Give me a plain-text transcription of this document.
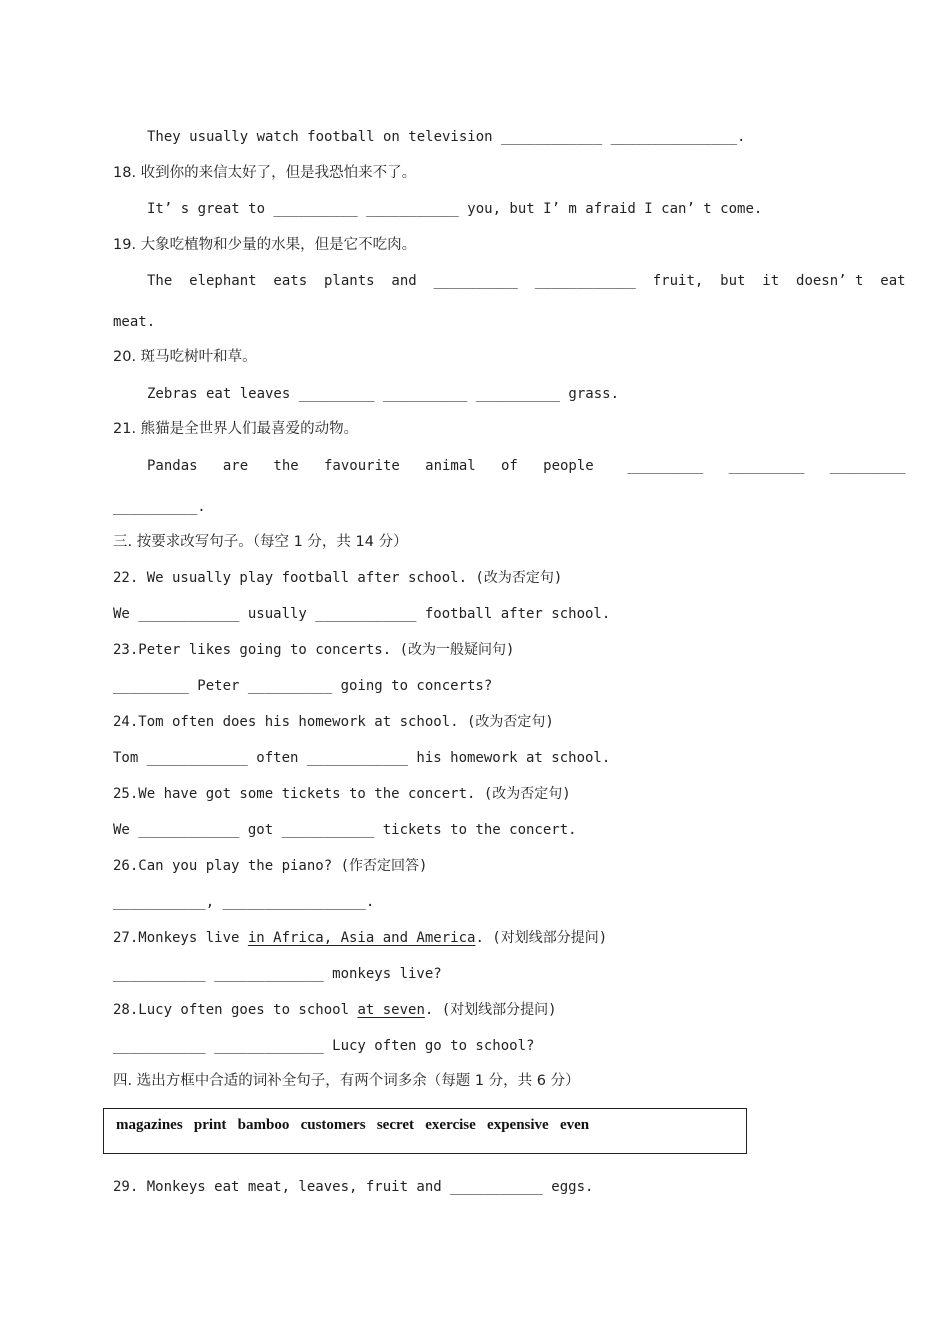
They usually watch football on television ____________ _______________.
18. 收到你的来信太好了，但是我恐怕来不了。
It’ s great to __________ ___________ you, but I’ m afraid I can’ t come.
19. 大象吃植物和少量的水果，但是它不吃肉。
The  elephant  eats  plants  and  __________  ____________  fruit,  but  it  doesn’ t  eat
meat.
20. 斑马吃树叶和草。
Zebras eat leaves _________ __________ __________ grass.
21. 熊猫是全世界人们最喜爱的动物。
Pandas   are   the   favourite   animal   of   people    _________   _________   _________
__________.
三. 按要求改写句子。（每空 1 分，共 14 分）
22. We usually play football after school. (改为否定句)
We ____________ usually ____________ football after school.
23.Peter likes going to concerts. (改为一般疑问句)
_________ Peter __________ going to concerts?
24.Tom often does his homework at school. (改为否定句)
Tom ____________ often ____________ his homework at school.
25.We have got some tickets to the concert. (改为否定句)
We ____________ got ___________ tickets to the concert.
26.Can you play the piano? (作否定回答)
___________, _________________.
27.Monkeys live in Africa, Asia and America. (对划线部分提问)
___________ _____________ monkeys live?
28.Lucy often goes to school at seven. (对划线部分提问)
___________ _____________ Lucy often go to school?
四. 选出方框中合适的词补全句子，有两个词多余（每题 1 分，共 6 分）
magazines   print   bamboo   customers   secret   exercise   expensive   even
29. Monkeys eat meat, leaves, fruit and ___________ eggs.
